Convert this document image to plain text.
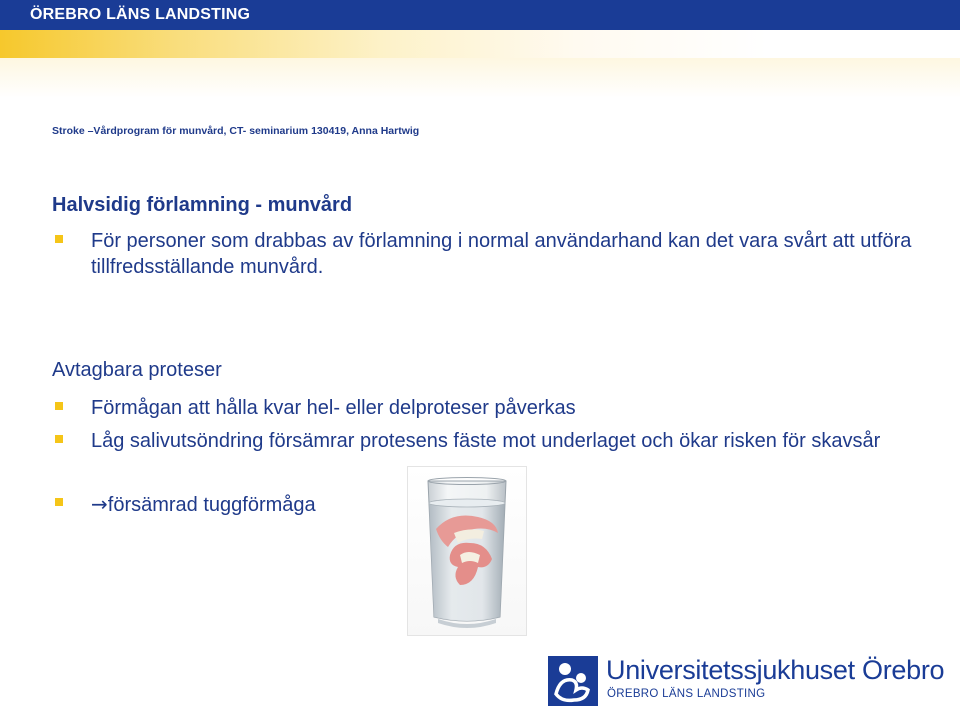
ÖREBRO LÄNS LANDSTING
Stroke –Vårdprogram för munvård, CT- seminarium 130419, Anna Hartwig
Halvsidig förlamning - munvård
För personer som drabbas av förlamning i normal användarhand kan det vara svårt att utföra tillfredsställande munvård.
Avtagbara proteser
Förmågan att hålla kvar hel- eller delproteser påverkas
Låg salivutsöndring försämrar protesens fäste mot underlaget och ökar risken för skavsår
→försämrad tuggförmåga
Universitetssjukhuset Örebro
ÖREBRO LÄNS LANDSTING
